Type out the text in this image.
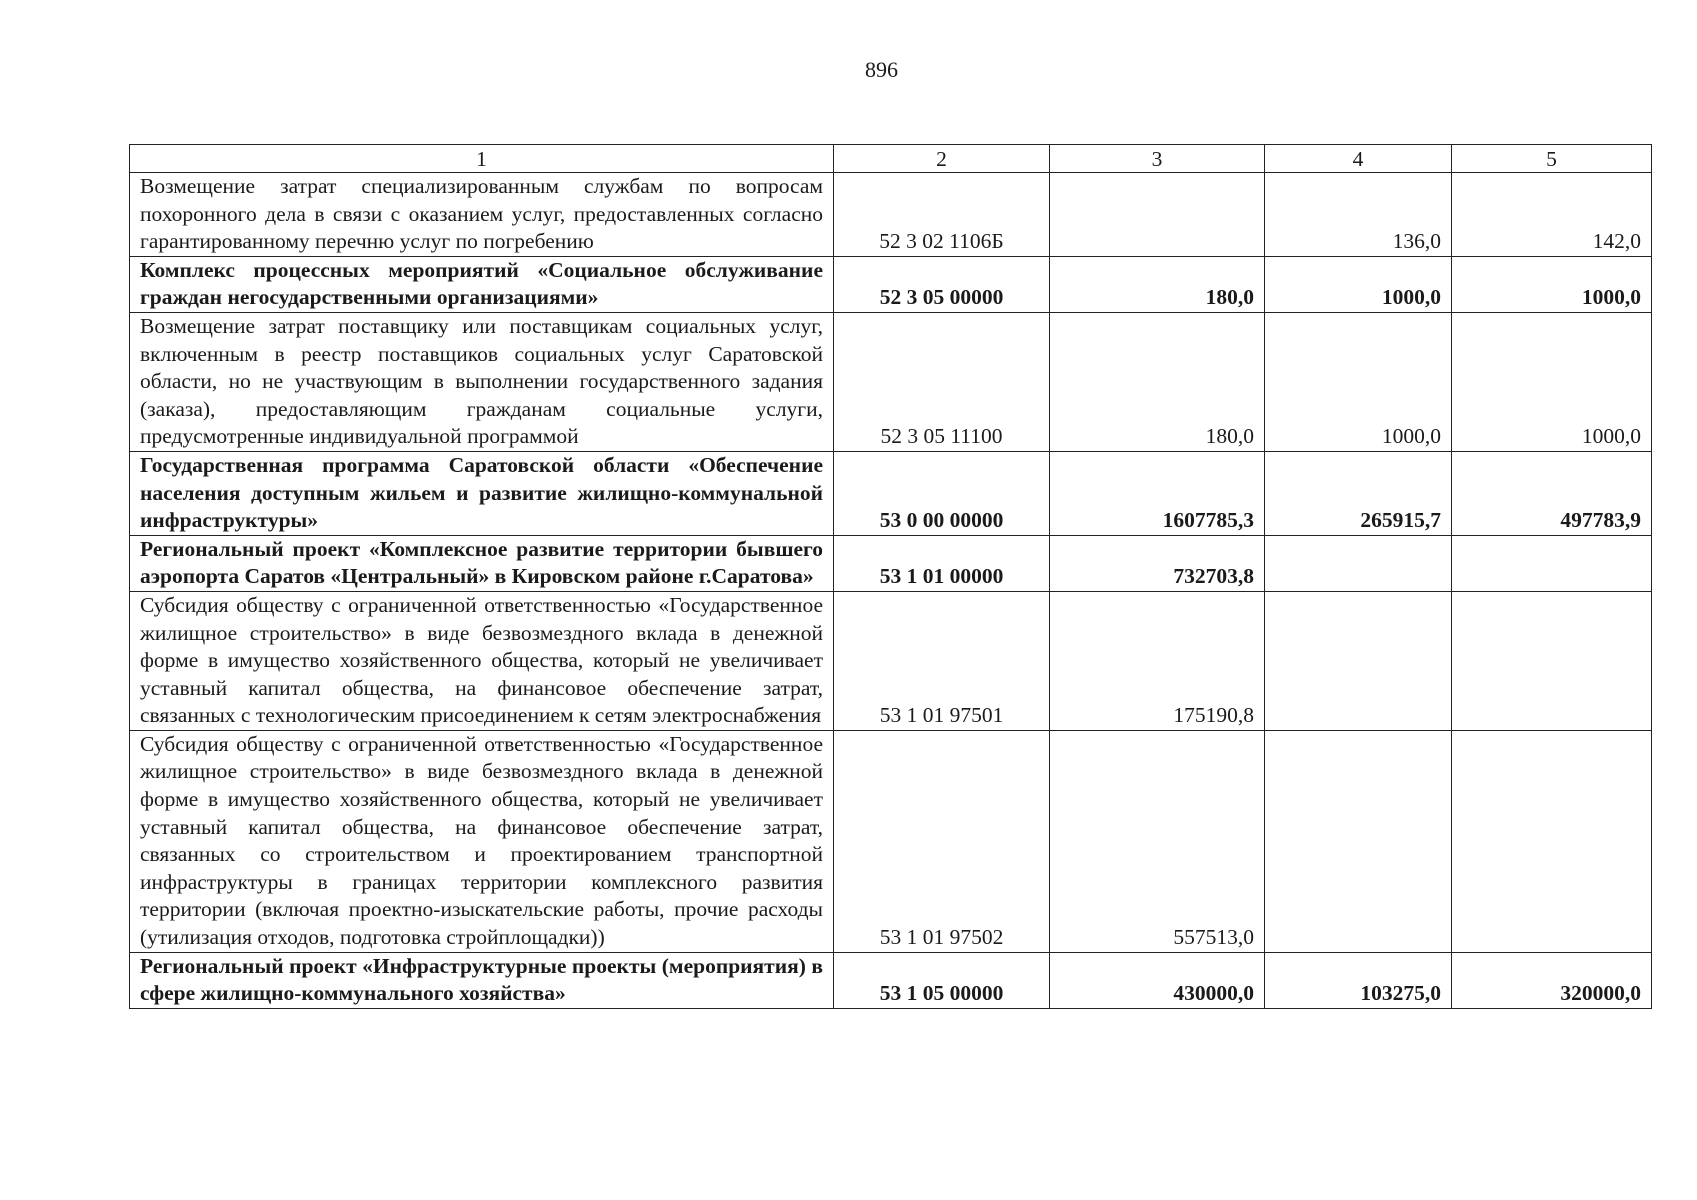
896
1	2	3	4	5
Возмещение затрат специализированным службам по вопросам похоронного дела в связи с оказанием услуг, предоставленных согласно гарантированному перечню услуг по погребению	52 3 02 1106Б		136,0	142,0
Комплекс процессных мероприятий «Социальное обслуживание граждан негосударственными организациями»	52 3 05 00000	180,0	1000,0	1000,0
Возмещение затрат поставщику или поставщикам социальных услуг, включенным в реестр поставщиков социальных услуг Саратовской области, но не участвующим в выполнении государственного задания (заказа), предоставляющим гражданам социальные услуги, предусмотренные индивидуальной программой	52 3 05 11100	180,0	1000,0	1000,0
Государственная программа Саратовской области «Обеспечение населения доступным жильем и развитие жилищно-коммунальной инфраструктуры»	53 0 00 00000	1607785,3	265915,7	497783,9
Региональный проект «Комплексное развитие территории бывшего аэропорта Саратов «Центральный» в Кировском районе г.Саратова»	53 1 01 00000	732703,8		
Субсидия обществу с ограниченной ответственностью «Государственное жилищное строительство» в виде безвозмездного вклада в денежной форме в имущество хозяйственного общества, который не увеличивает уставный капитал общества, на финансовое обеспечение затрат, связанных с технологическим присоединением к сетям электроснабжения	53 1 01 97501	175190,8		
Субсидия обществу с ограниченной ответственностью «Государственное жилищное строительство» в виде безвозмездного вклада в денежной форме в имущество хозяйственного общества, который не увеличивает уставный капитал общества, на финансовое обеспечение затрат, связанных со строительством и проектированием транспортной инфраструктуры в границах территории комплексного развития территории (включая проектно-изыскательские работы, прочие расходы (утилизация отходов, подготовка стройплощадки))	53 1 01 97502	557513,0		
Региональный проект «Инфраструктурные проекты (мероприятия) в сфере жилищно-коммунального хозяйства»	53 1 05 00000	430000,0	103275,0	320000,0
